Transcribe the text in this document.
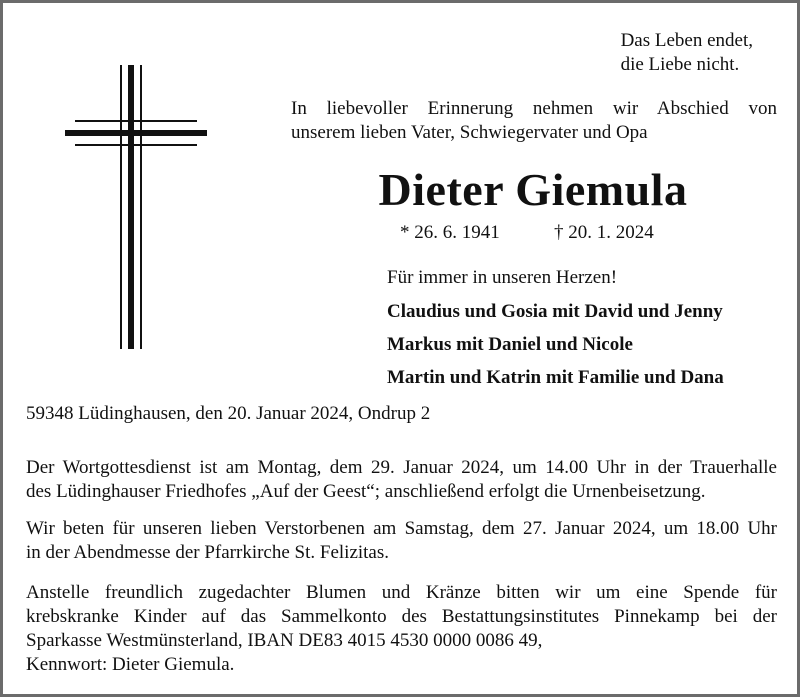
Das Leben endet,
die Liebe nicht.
In liebevoller Erinnerung nehmen wir Abschied von
unserem lieben Vater, Schwiegervater und Opa
Dieter Giemula
* 26. 6. 1941	† 20. 1. 2024
Für immer in unseren Herzen!
Claudius und Gosia mit David und Jenny
Markus mit Daniel und Nicole
Martin und Katrin mit Familie und Dana
59348 Lüdinghausen, den 20. Januar 2024, Ondrup 2
Der Wortgottesdienst ist am Montag, dem 29. Januar 2024, um 14.00 Uhr in der Trauerhalle
des Lüdinghauser Friedhofes „Auf der Geest“; anschließend erfolgt die Urnenbeisetzung.
Wir beten für unseren lieben Verstorbenen am Samstag, dem 27. Januar 2024, um 18.00 Uhr
in der Abendmesse der Pfarrkirche St. Felizitas.
Anstelle freundlich zugedachter Blumen und Kränze bitten wir um eine Spende für
krebskranke Kinder auf das Sammelkonto des Bestattungsinstitutes Pinnekamp bei der
Sparkasse Westmünsterland, IBAN DE83 4015 4530 0000 0086 49,
Kennwort: Dieter Giemula.
